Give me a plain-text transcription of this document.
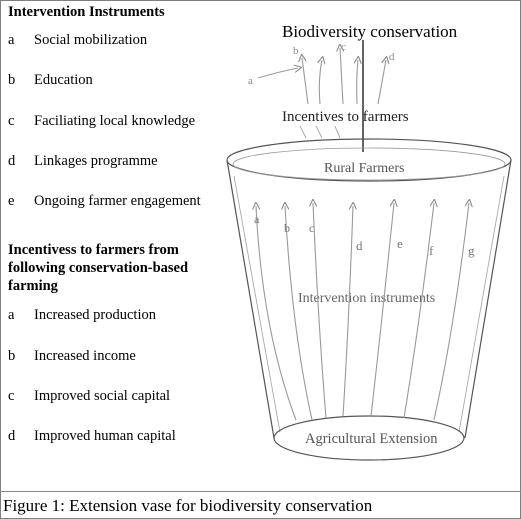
Intervention Instruments
a Social mobilization
b Education
c Faciliating local knowledge
d Linkages programme
e Ongoing farmer engagement
Incentivess to farmers from
following conservation-based
farming
a Increased production
b Increased income
c Improved social capital
d Improved human capital
Biodiversity conservation
a
b	c
d
Incentives to farmers
Rural Farmers
Intervention instruments
Agricultural Extension
a
b c
d	e f	g
Figure 1: Extension vase for biodiversity conservation
